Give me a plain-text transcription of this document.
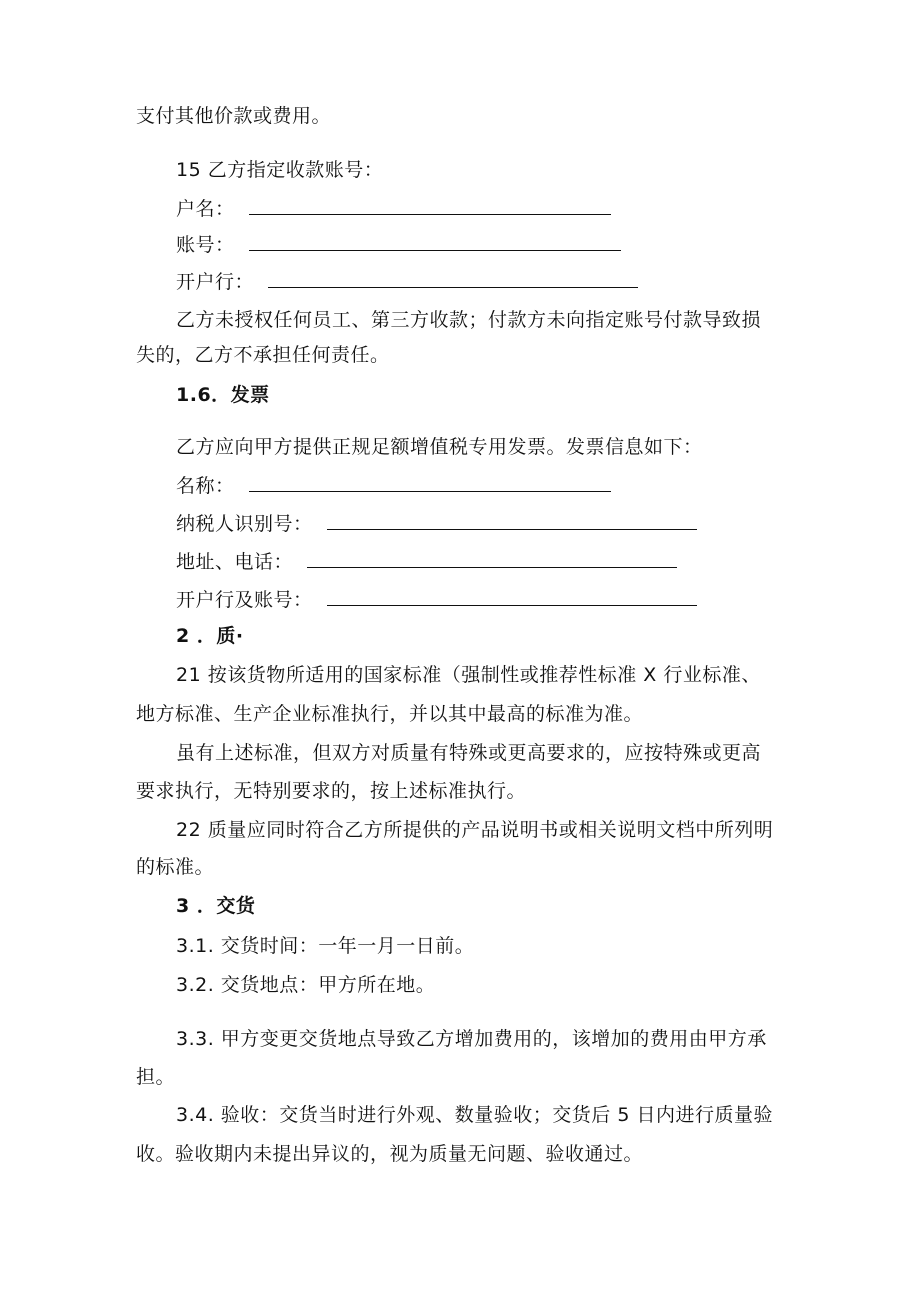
支付其他价款或费用。
15 乙方指定收款账号：
户名：
账号：
开户行：
乙方未授权任何员工、第三方收款；付款方未向指定账号付款导致损
失的，乙方不承担任何责任。
1.6．发票
乙方应向甲方提供正规足额增值税专用发票。发票信息如下：
名称：
纳税人识别号：
地址、电话：
开户行及账号：
2 ．质·
21 按该货物所适用的国家标准（强制性或推荐性标准 X 行业标准、
地方标准、生产企业标准执行，并以其中最高的标准为准。
虽有上述标准，但双方对质量有特殊或更高要求的，应按特殊或更高
要求执行，无特别要求的，按上述标准执行。
22 质量应同时符合乙方所提供的产品说明书或相关说明文档中所列明
的标准。
3 ．交货
3.1. 交货时间：一年一月一日前。
3.2. 交货地点：甲方所在地。
3.3. 甲方变更交货地点导致乙方增加费用的，该增加的费用由甲方承
担。
3.4. 验收：交货当时进行外观、数量验收；交货后 5 日内进行质量验
收。验收期内未提出异议的，视为质量无问题、验收通过。
